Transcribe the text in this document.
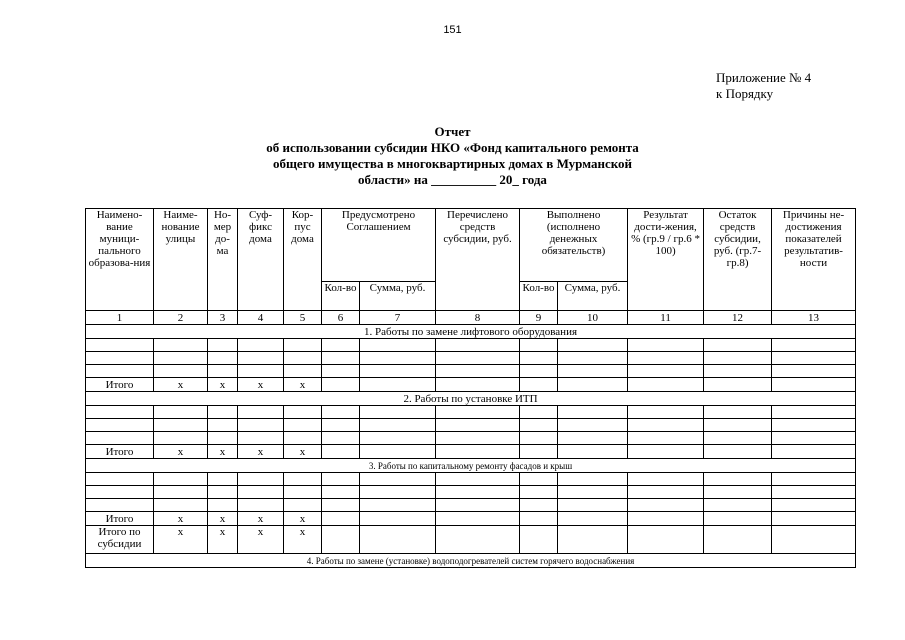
151
Приложение № 4
к Порядку
Отчет
об использовании субсидии НКО «Фонд капитального ремонта
общего имущества в многоквартирных домах в Мурманской
области» на __________ 20_ года
Наимено-вание муници-пального образова-ния	Наиме-нование улицы	Но-мер до-ма	Суф-фикс дома	Кор-пус дома	Предусмотрено Соглашением		Перечислено средств субсидии, руб.	Выполнено (исполнено денежных обязательств)		Результат дости-жения, % (гр.9 / гр.6 * 100)	Остаток средств субсидии, руб. (гр.7-гр.8)	Причины не-достижения показателей результатив-ности
					Кол-во	Сумма, руб.		Кол-во	Сумма, руб.			
1	2	3	4	5	6	7	8	9	10	11	12	13
1. Работы по замене лифтового оборудования												

Итого	x	x	x	x								
2. Работы по установке ИТП												

Итого	x	x	x	x								
3. Работы по капитальному ремонту фасадов и крыш												

Итого	x	x	x	x								
Итого по субсидии	x	x	x	x								
4. Работы по замене (установке) водоподогревателей систем горячего водоснабжения												
